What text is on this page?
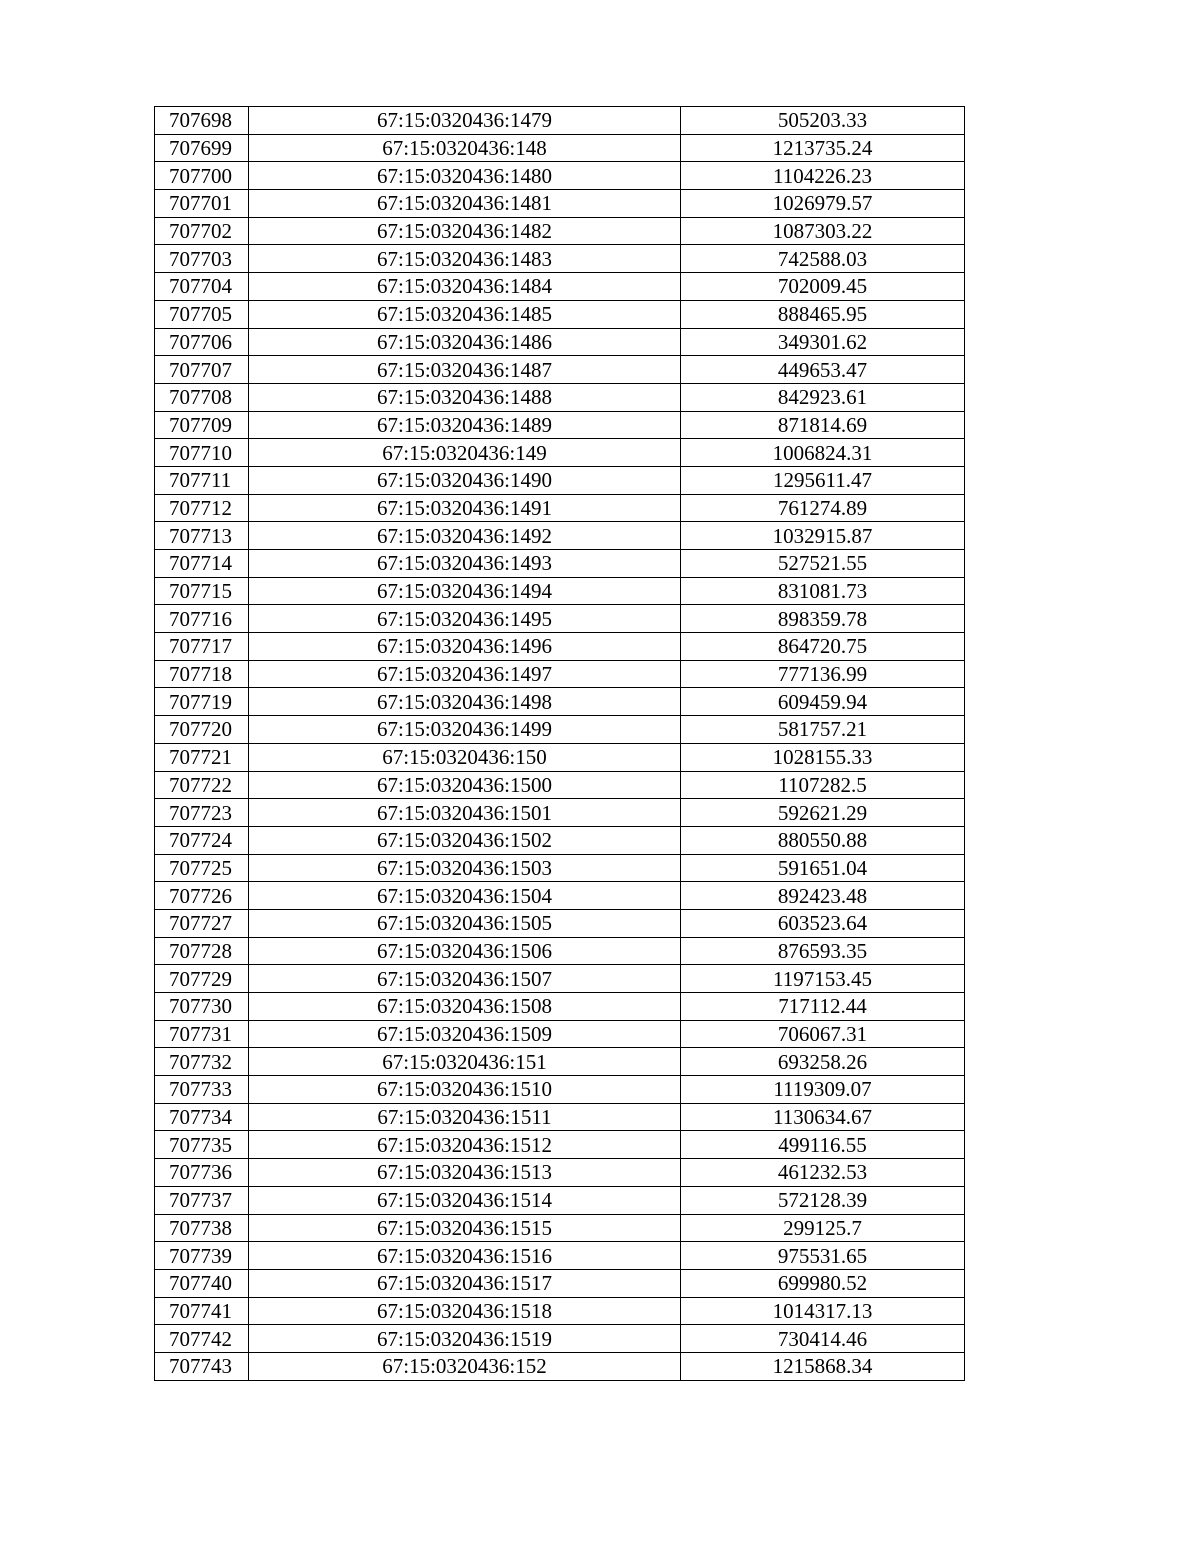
707698	67:15:0320436:1479	505203.33
707699	67:15:0320436:148	1213735.24
707700	67:15:0320436:1480	1104226.23
707701	67:15:0320436:1481	1026979.57
707702	67:15:0320436:1482	1087303.22
707703	67:15:0320436:1483	742588.03
707704	67:15:0320436:1484	702009.45
707705	67:15:0320436:1485	888465.95
707706	67:15:0320436:1486	349301.62
707707	67:15:0320436:1487	449653.47
707708	67:15:0320436:1488	842923.61
707709	67:15:0320436:1489	871814.69
707710	67:15:0320436:149	1006824.31
707711	67:15:0320436:1490	1295611.47
707712	67:15:0320436:1491	761274.89
707713	67:15:0320436:1492	1032915.87
707714	67:15:0320436:1493	527521.55
707715	67:15:0320436:1494	831081.73
707716	67:15:0320436:1495	898359.78
707717	67:15:0320436:1496	864720.75
707718	67:15:0320436:1497	777136.99
707719	67:15:0320436:1498	609459.94
707720	67:15:0320436:1499	581757.21
707721	67:15:0320436:150	1028155.33
707722	67:15:0320436:1500	1107282.5
707723	67:15:0320436:1501	592621.29
707724	67:15:0320436:1502	880550.88
707725	67:15:0320436:1503	591651.04
707726	67:15:0320436:1504	892423.48
707727	67:15:0320436:1505	603523.64
707728	67:15:0320436:1506	876593.35
707729	67:15:0320436:1507	1197153.45
707730	67:15:0320436:1508	717112.44
707731	67:15:0320436:1509	706067.31
707732	67:15:0320436:151	693258.26
707733	67:15:0320436:1510	1119309.07
707734	67:15:0320436:1511	1130634.67
707735	67:15:0320436:1512	499116.55
707736	67:15:0320436:1513	461232.53
707737	67:15:0320436:1514	572128.39
707738	67:15:0320436:1515	299125.7
707739	67:15:0320436:1516	975531.65
707740	67:15:0320436:1517	699980.52
707741	67:15:0320436:1518	1014317.13
707742	67:15:0320436:1519	730414.46
707743	67:15:0320436:152	1215868.34
